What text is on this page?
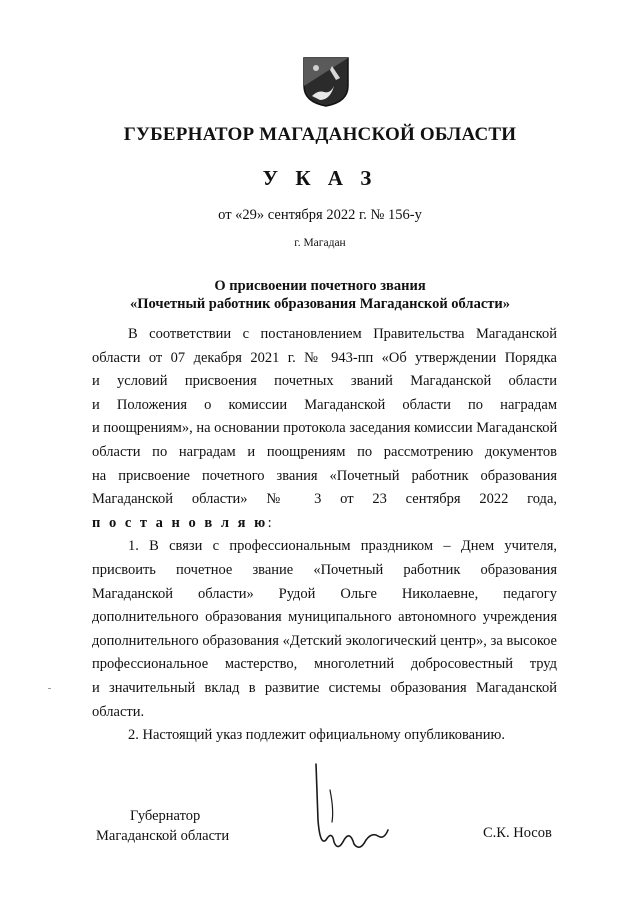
ГУБЕРНАТОР МАГАДАНСКОЙ ОБЛАСТИ
У К А З
от «29» сентября 2022 г. № 156-у
г. Магадан
О присвоении почетного звания
«Почетный работник образования Магаданской области»
В соответствии с постановлением Правительства Магаданской
области от 07 декабря 2021 г. № 943-пп «Об утверждении Порядка
и условий присвоения почетных званий Магаданской области
и Положения о комиссии Магаданской области по наградам
и поощрениям», на основании протокола заседания комиссии Магаданской
области по наградам и поощрениям по рассмотрению документов
на присвоение почетного звания «Почетный работник образования
Магаданской области» № 3 от 23 сентября 2022 года,
п о с т а н о в л я ю:
1. В связи с профессиональным праздником – Днем учителя,
присвоить почетное звание «Почетный работник образования
Магаданской области» Рудой Ольге Николаевне, педагогу
дополнительного образования муниципального автономного учреждения
дополнительного образования «Детский экологический центр», за высокое
профессиональное мастерство, многолетний добросовестный труд
и значительный вклад в развитие системы образования Магаданской
области.
2. Настоящий указ подлежит официальному опубликованию.
Губернатор
Магаданской области	С.К. Носов
